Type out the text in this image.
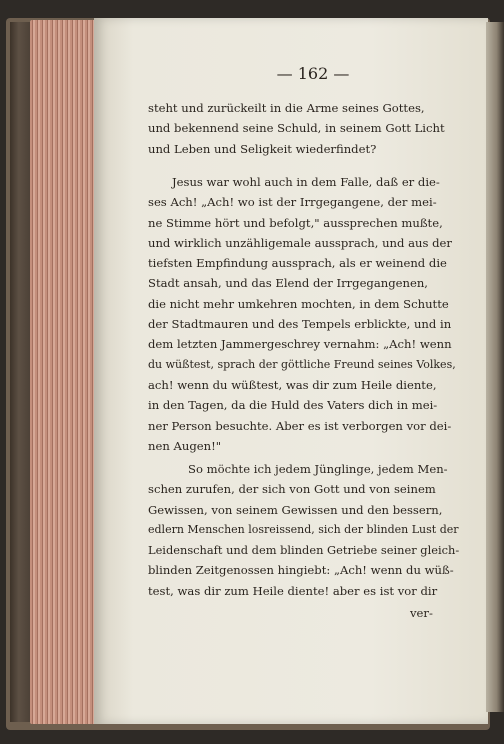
— 162 —
steht und zurückeilt in die Arme seines Gottes,
und bekennend seine Schuld, in seinem Gott Licht
und Leben und Seligkeit wiederfindet?
Jesus war wohl auch in dem Falle, daß er die-
ses Ach! „Ach! wo ist der Irrgegangene, der mei-
ne Stimme hört und befolgt," aussprechen mußte,
und wirklich unzähligemale aussprach, und aus der
tiefsten Empfindung aussprach, als er weinend die
Stadt ansah, und das Elend der Irrgegangenen,
die nicht mehr umkehren mochten, in dem Schutte
der Stadtmauren und des Tempels erblickte, und in
dem letzten Jammergeschrey vernahm: „Ach! wenn
du wüßtest, sprach der göttliche Freund seines Volkes,
ach! wenn du wüßtest, was dir zum Heile diente,
in den Tagen, da die Huld des Vaters dich in mei-
ner Person besuchte. Aber es ist verborgen vor dei-
nen Augen!"
So möchte ich jedem Jünglinge, jedem Men-
schen zurufen, der sich von Gott und von seinem
Gewissen, von seinem Gewissen und den bessern,
edlern Menschen losreissend, sich der blinden Lust der
Leidenschaft und dem blinden Getriebe seiner gleich-
blinden Zeitgenossen hingiebt: „Ach! wenn du wüß-
test, was dir zum Heile diente! aber es ist vor dir
ver-
